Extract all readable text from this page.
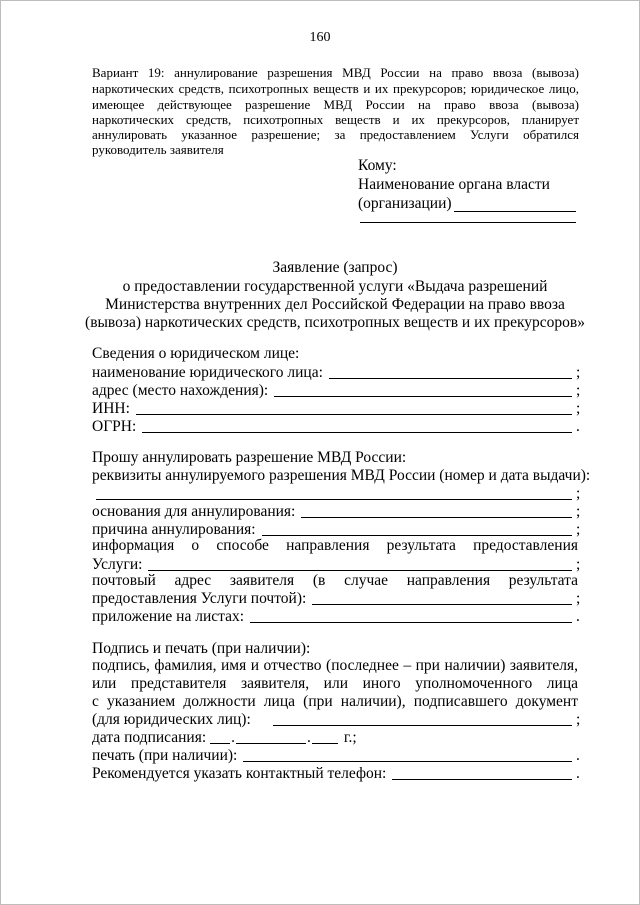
160
Вариант 19: аннулирование разрешения МВД России на право ввоза (вывоза)
наркотических средств, психотропных веществ и их прекурсоров; юридическое лицо,
имеющее действующее разрешение МВД России на право ввоза (вывоза)
наркотических средств, психотропных веществ и их прекурсоров, планирует
аннулировать указанное разрешение; за предоставлением Услуги обратился
руководитель заявителя
Кому:
Наименование органа власти
(организации)
Заявление (запрос)
о предоставлении государственной услуги «Выдача разрешений
Министерства внутренних дел Российской Федерации на право ввоза
(вывоза) наркотических средств, психотропных веществ и их прекурсоров»
Сведения о юридическом лице:
наименование юридического лица:	;
адрес (место нахождения):	;
ИНН:	;
ОГРН:	.
Прошу аннулировать разрешение МВД России:
реквизиты аннулируемого разрешения МВД России (номер и дата выдачи):
;
основания для аннулирования:	;
причина аннулирования:	;
информация о способе направления результата предоставления
Услуги:	;
почтовый адрес заявителя (в случае направления результата
предоставления Услуги почтой):	;
приложение на листах:	.
Подпись и печать (при наличии):
подпись, фамилия, имя и отчество (последнее – при наличии) заявителя,
или представителя заявителя, или иного уполномоченного лица
с указанием должности лица (при наличии), подписавшего документ
(для юридических лиц):	;
дата подписания: .	. г.;
печать (при наличии):	.
Рекомендуется указать контактный телефон:	.
